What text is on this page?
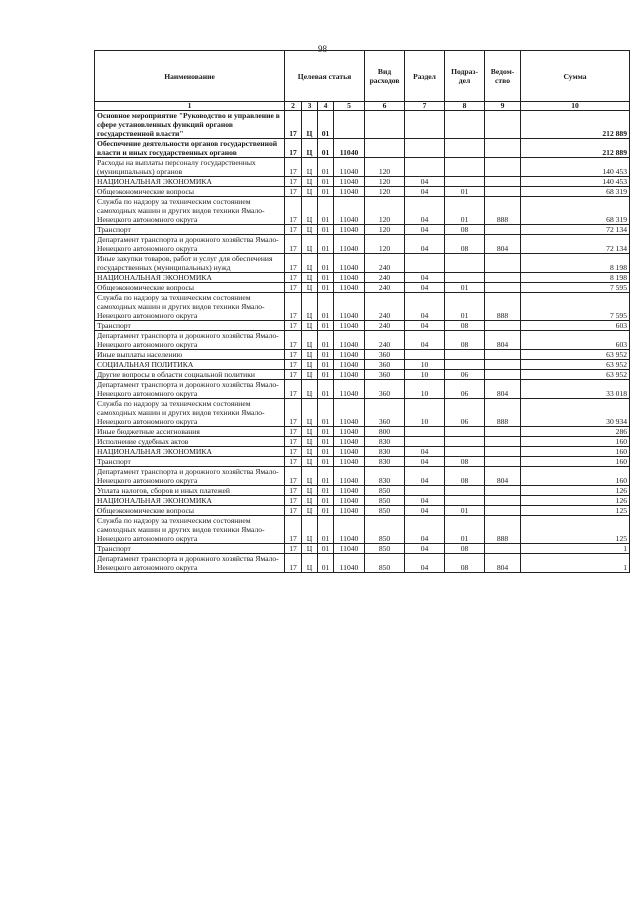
98
Наименование	Целевая статья				Вид расходов	Раздел	Подраз-дел	Ведом-ство	Сумма
1	2	3	4	5	6	7	8	9	10
Основное мероприятие "Руководство и управление в сфере установленных функций органов государственной власти"	17	Ц	01						212 889
Обеспечение деятельности органов государственной власти и иных государственных органов	17	Ц	01	11040					212 889
Расходы на выплаты персоналу государственных (муниципальных) органов	17	Ц	01	11040	120				140 453
НАЦИОНАЛЬНАЯ ЭКОНОМИКА	17	Ц	01	11040	120	04			140 453
Общеэкономические вопросы	17	Ц	01	11040	120	04	01		68 319
Служба по надзору за техническим состоянием самоходных машин и других видов техники Ямало-Ненецкого автономного округа	17	Ц	01	11040	120	04	01	888	68 319
Транспорт	17	Ц	01	11040	120	04	08		72 134
Департамент транспорта и дорожного хозяйства Ямало-Ненецкого автономного округа	17	Ц	01	11040	120	04	08	804	72 134
Иные закупки товаров, работ и услуг для обеспечения государственных (муниципальных) нужд	17	Ц	01	11040	240				8 198
НАЦИОНАЛЬНАЯ ЭКОНОМИКА	17	Ц	01	11040	240	04			8 198
Общеэкономические вопросы	17	Ц	01	11040	240	04	01		7 595
Служба по надзору за техническим состоянием самоходных машин и других видов техники Ямало-Ненецкого автономного округа	17	Ц	01	11040	240	04	01	888	7 595
Транспорт	17	Ц	01	11040	240	04	08		603
Департамент транспорта и дорожного хозяйства Ямало-Ненецкого автономного округа	17	Ц	01	11040	240	04	08	804	603
Иные выплаты населению	17	Ц	01	11040	360				63 952
СОЦИАЛЬНАЯ ПОЛИТИКА	17	Ц	01	11040	360	10			63 952
Другие вопросы в области социальной политики	17	Ц	01	11040	360	10	06		63 952
Департамент транспорта и дорожного хозяйства Ямало-Ненецкого автономного округа	17	Ц	01	11040	360	10	06	804	33 018
Служба по надзору за техническим состоянием самоходных машин и других видов техники Ямало-Ненецкого автономного округа	17	Ц	01	11040	360	10	06	888	30 934
Иные бюджетные ассигнования	17	Ц	01	11040	800				286
Исполнение судебных актов	17	Ц	01	11040	830				160
НАЦИОНАЛЬНАЯ ЭКОНОМИКА	17	Ц	01	11040	830	04			160
Транспорт	17	Ц	01	11040	830	04	08		160
Департамент транспорта и дорожного хозяйства Ямало-Ненецкого автономного округа	17	Ц	01	11040	830	04	08	804	160
Уплата налогов, сборов и иных платежей	17	Ц	01	11040	850				126
НАЦИОНАЛЬНАЯ ЭКОНОМИКА	17	Ц	01	11040	850	04			126
Общеэкономические вопросы	17	Ц	01	11040	850	04	01		125
Служба по надзору за техническим состоянием самоходных машин и других видов техники Ямало-Ненецкого автономного округа	17	Ц	01	11040	850	04	01	888	125
Транспорт	17	Ц	01	11040	850	04	08		1
Департамент транспорта и дорожного хозяйства Ямало-Ненецкого автономного округа	17	Ц	01	11040	850	04	08	804	1
